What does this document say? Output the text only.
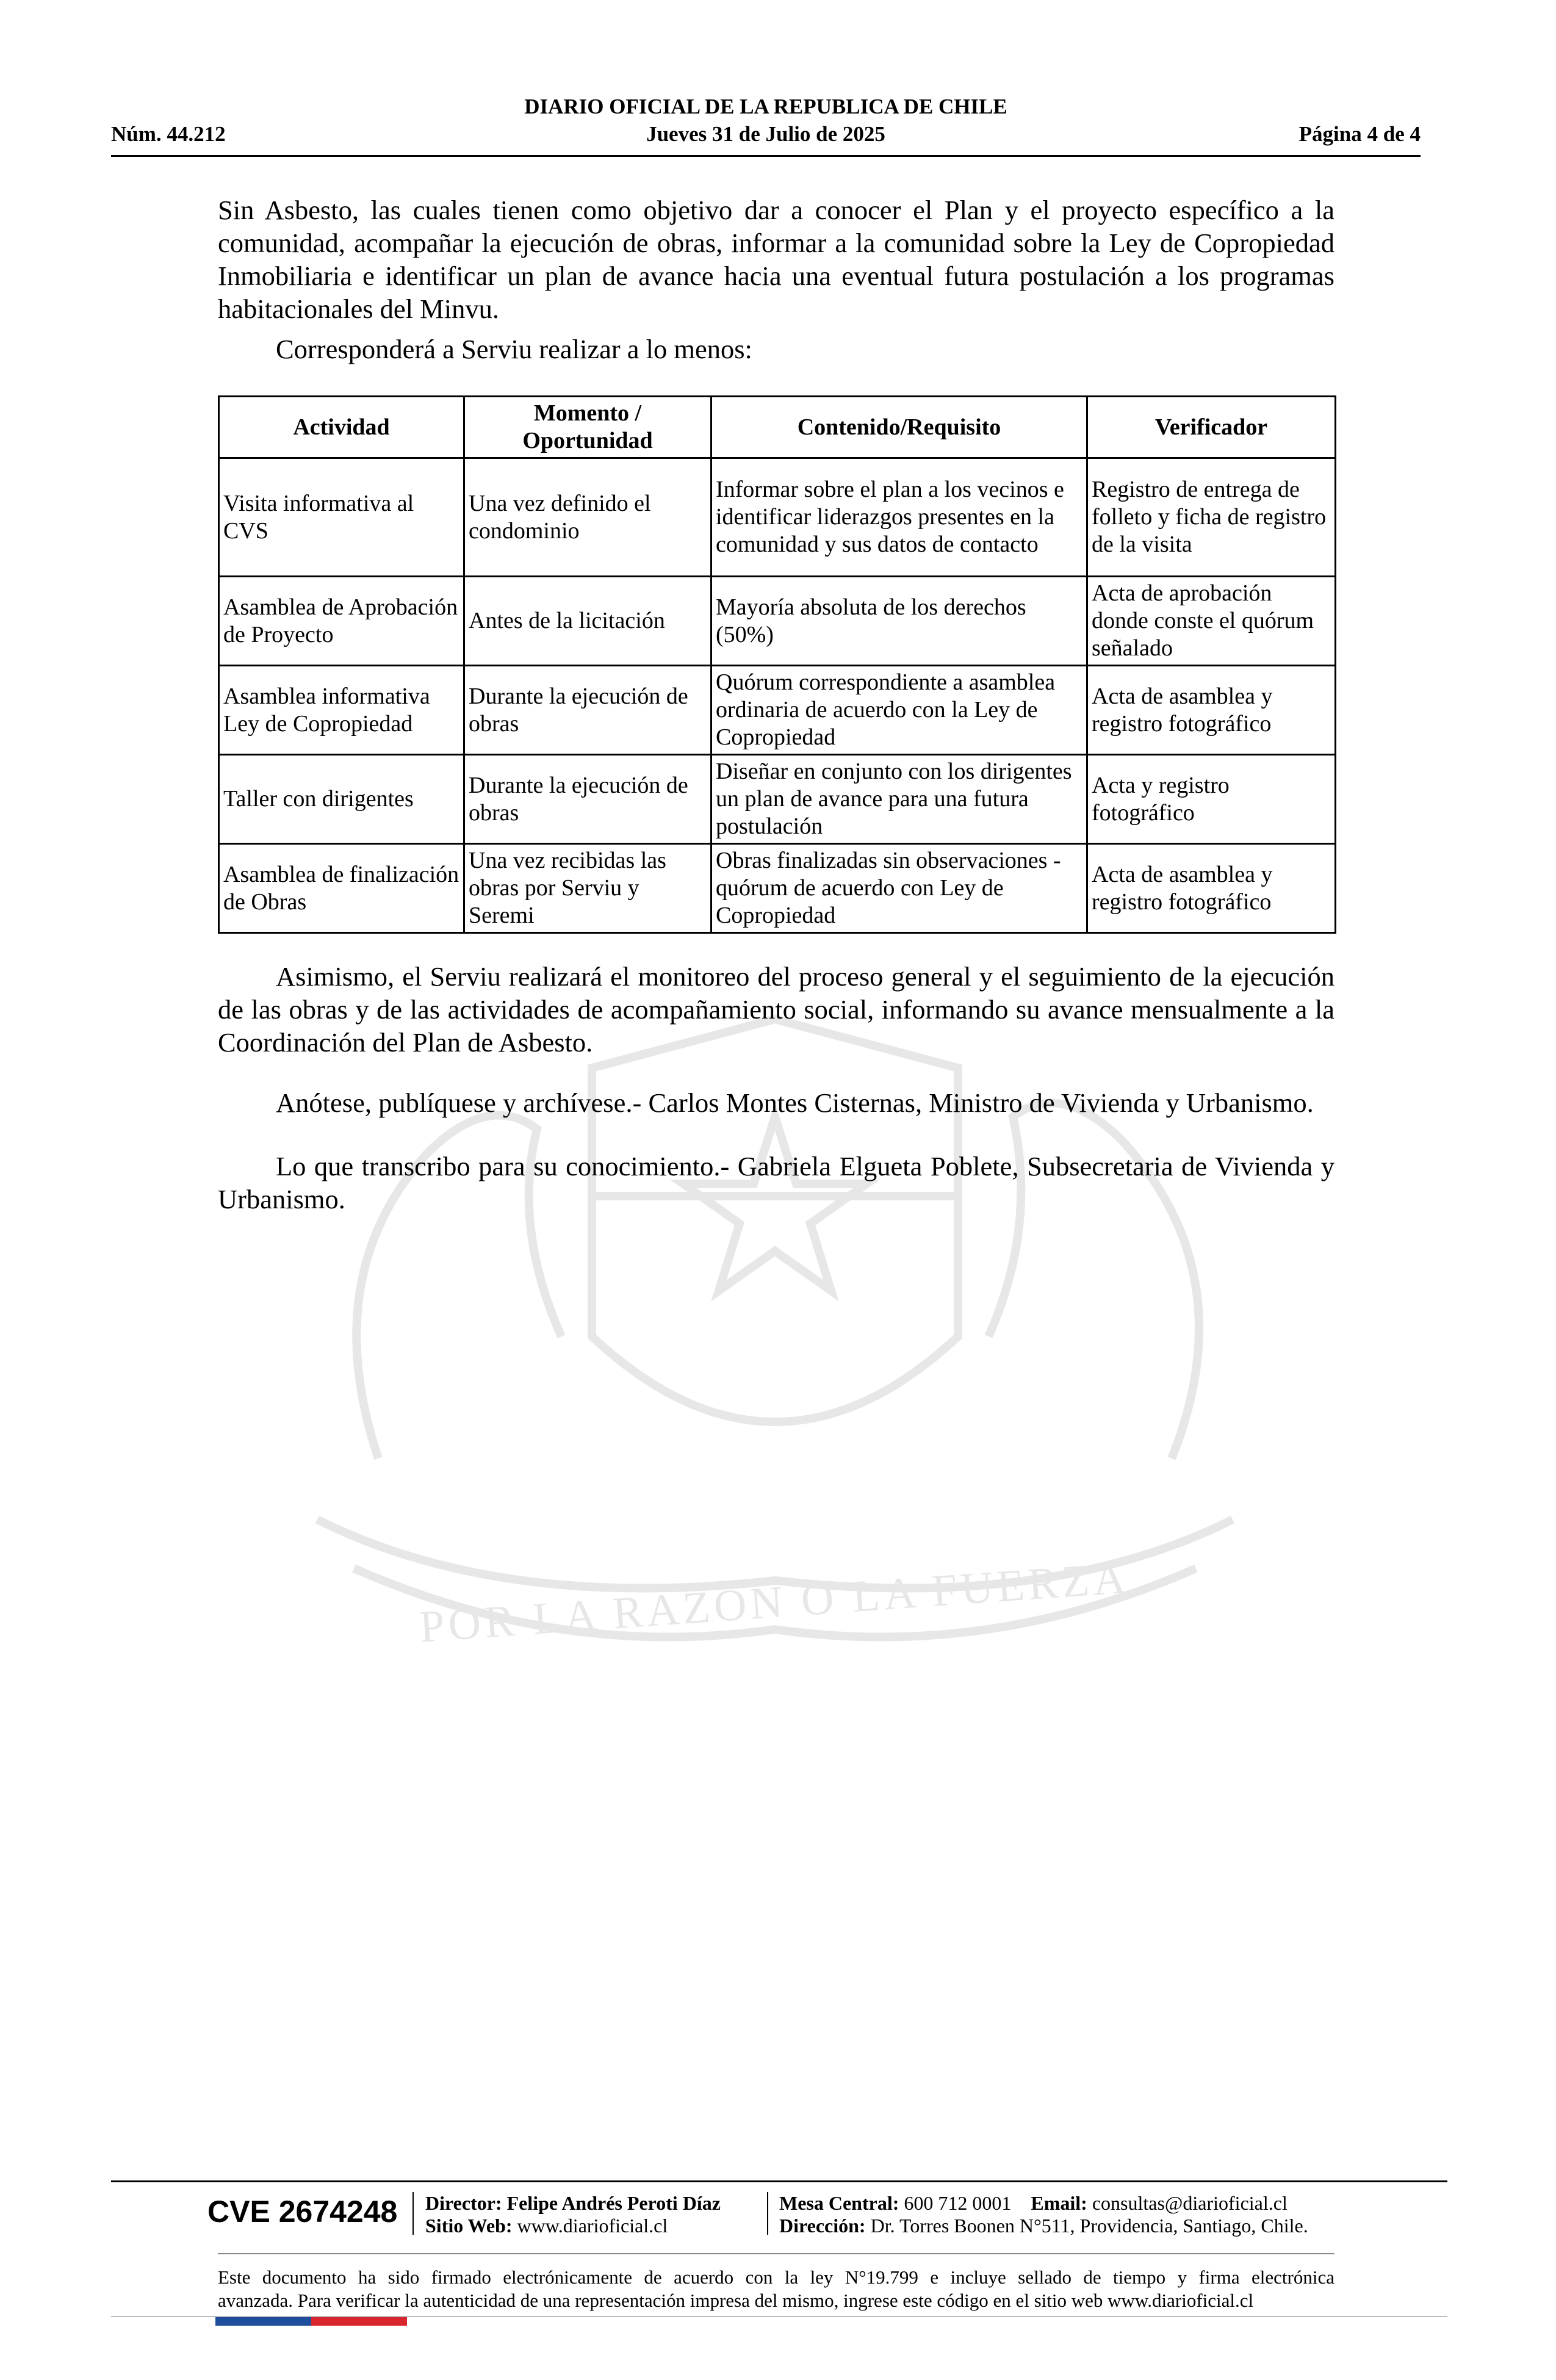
POR LA RAZON O LA FUERZA
DIARIO OFICIAL DE LA REPUBLICA DE CHILE
Núm. 44.212	Jueves 31 de Julio de 2025	Página 4 de 4
Sin Asbesto, las cuales tienen como objetivo dar a conocer el Plan y el proyecto específico a la comunidad, acompañar la ejecución de obras, informar a la comunidad sobre la Ley de Copropiedad Inmobiliaria e identificar un plan de avance hacia una eventual futura postulación a los programas habitacionales del Minvu.
Corresponderá a Serviu realizar a lo menos:
Actividad	Momento / Oportunidad	Contenido/Requisito	Verificador
Visita informativa al CVS	Una vez definido el condominio	Informar sobre el plan a los vecinos e identificar liderazgos presentes en la comunidad y sus datos de contacto	Registro de entrega de folleto y ficha de registro de la visita
Asamblea de Aprobación de Proyecto	Antes de la licitación	Mayoría absoluta de los derechos (50%)	Acta de aprobación donde conste el quórum señalado
Asamblea informativa Ley de Copropiedad	Durante la ejecución de obras	Quórum correspondiente a asamblea ordinaria de acuerdo con la Ley de Copropiedad	Acta de asamblea y registro fotográfico
Taller con dirigentes	Durante la ejecución de obras	Diseñar en conjunto con los dirigentes un plan de avance para una futura postulación	Acta y registro fotográfico
Asamblea de finalización de Obras	Una vez recibidas las obras por Serviu y Seremi	Obras finalizadas sin observaciones - quórum de acuerdo con Ley de Copropiedad	Acta de asamblea y registro fotográfico
Asimismo, el Serviu realizará el monitoreo del proceso general y el seguimiento de la ejecución de las obras y de las actividades de acompañamiento social, informando su avance mensualmente a la Coordinación del Plan de Asbesto.
Anótese, publíquese y archívese.- Carlos Montes Cisternas, Ministro de Vivienda y Urbanismo.
Lo que transcribo para su conocimiento.- Gabriela Elgueta Poblete, Subsecretaria de Vivienda y Urbanismo.
CVE 2674248 Director: Felipe Andrés Peroti Díaz
Sitio Web: www.diarioficial.cl
Mesa Central: 600 712 0001 Email: consultas@diarioficial.cl
Dirección: Dr. Torres Boonen N°511, Providencia, Santiago, Chile.
Este documento ha sido firmado electrónicamente de acuerdo con la ley N°19.799 e incluye sellado de tiempo y firma electrónica
avanzada. Para verificar la autenticidad de una representación impresa del mismo, ingrese este código en el sitio web www.diarioficial.cl
